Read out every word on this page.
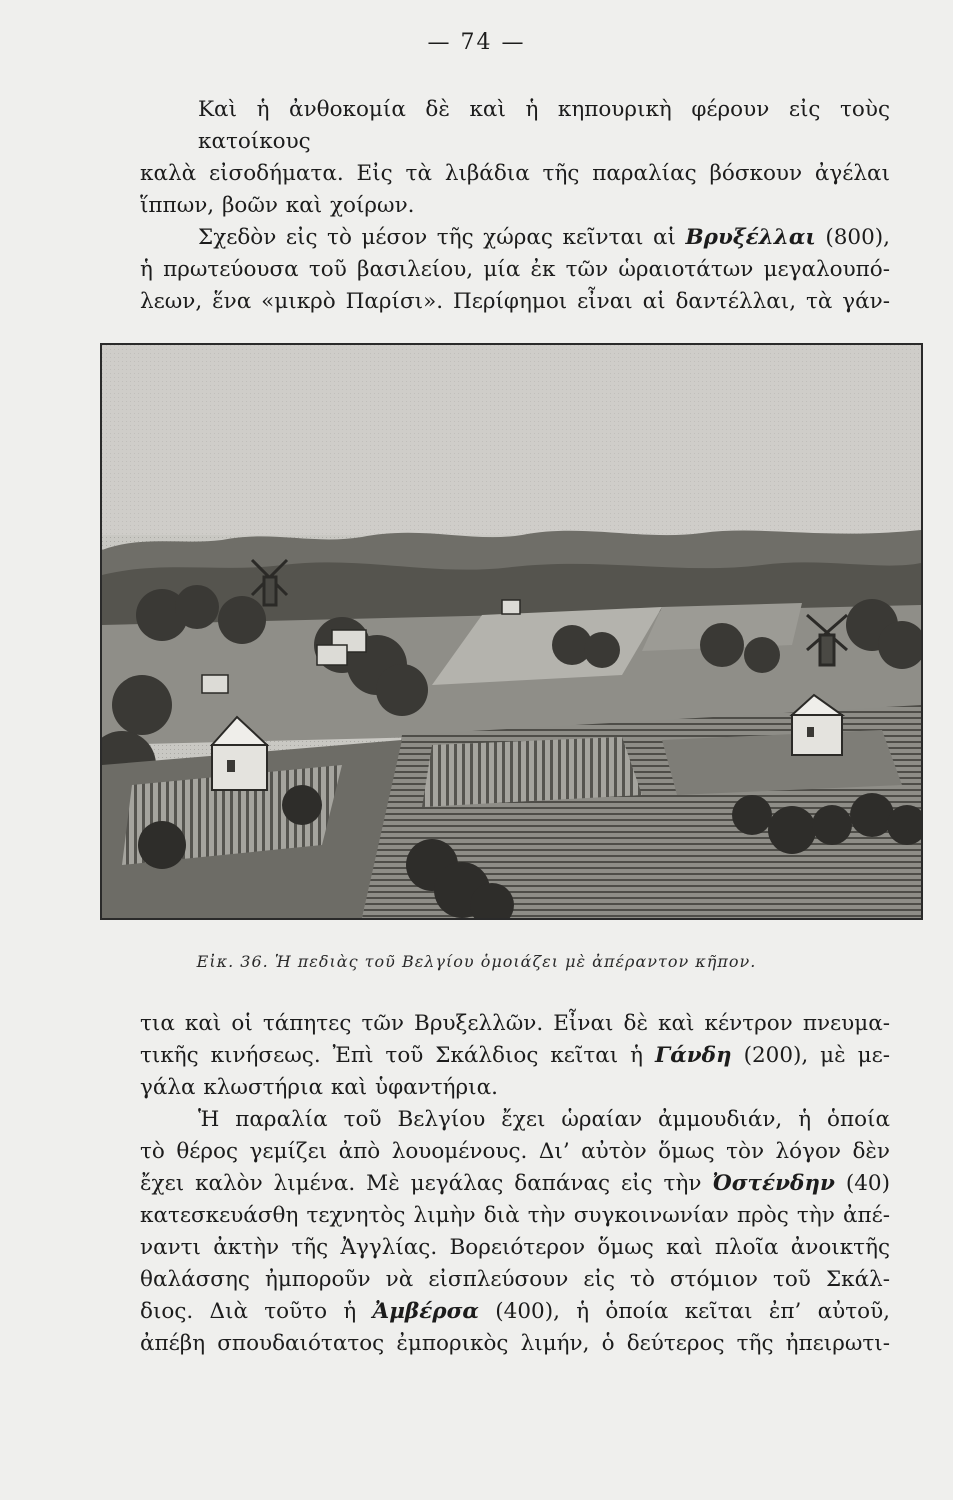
— 74 —
Καὶ ἡ ἀνθοκομία δὲ καὶ ἡ κηπουρικὴ φέρουν εἰς τοὺς κατοίκους
καλὰ εἰσοδήματα. Εἰς τὰ λιβάδια τῆς παραλίας βόσκουν ἀγέλαι
ἵππων, βοῶν καὶ χοίρων.
Σχεδὸν εἰς τὸ μέσον τῆς χώρας κεῖνται αἱ Βρυξέλλαι (800),
ἡ πρωτεύουσα τοῦ βασιλείου, μία ἐκ τῶν ὡραιοτάτων μεγαλουπό-
λεων, ἕνα «μικρὸ Παρίσι». Περίφημοι εἶναι αἱ δαντέλλαι, τὰ γάν-
Εἰκ. 36. Ἡ πεδιὰς τοῦ Βελγίου ὁμοιάζει μὲ ἀπέραντον κῆπον.
τια καὶ οἱ τάπητες τῶν Βρυξελλῶν. Εἶναι δὲ καὶ κέντρον πνευμα-
τικῆς κινήσεως. Ἐπὶ τοῦ Σκάλδιος κεῖται ἡ Γάνδη (200), μὲ με-
γάλα κλωστήρια καὶ ὑφαντήρια.
Ἡ παραλία τοῦ Βελγίου ἔχει ὡραίαν ἀμμουδιάν, ἡ ὁποία
τὸ θέρος γεμίζει ἀπὸ λουομένους. Δι’ αὐτὸν ὅμως τὸν λόγον δὲν
ἔχει καλὸν λιμένα. Μὲ μεγάλας δαπάνας εἰς τὴν Ὀστένδην (40)
κατεσκευάσθη τεχνητὸς λιμὴν διὰ τὴν συγκοινωνίαν πρὸς τὴν ἀπέ-
ναντι ἀκτὴν τῆς Ἀγγλίας. Βορειότερον ὅμως καὶ πλοῖα ἀνοικτῆς
θαλάσσης ἠμποροῦν νὰ εἰσπλεύσουν εἰς τὸ στόμιον τοῦ Σκάλ-
διος. Διὰ τοῦτο ἡ Ἀμβέρσα (400), ἡ ὁποία κεῖται ἐπ’ αὐτοῦ,
ἀπέβη σπουδαιότατος ἐμπορικὸς λιμήν, ὁ δεύτερος τῆς ἠπειρωτι-
